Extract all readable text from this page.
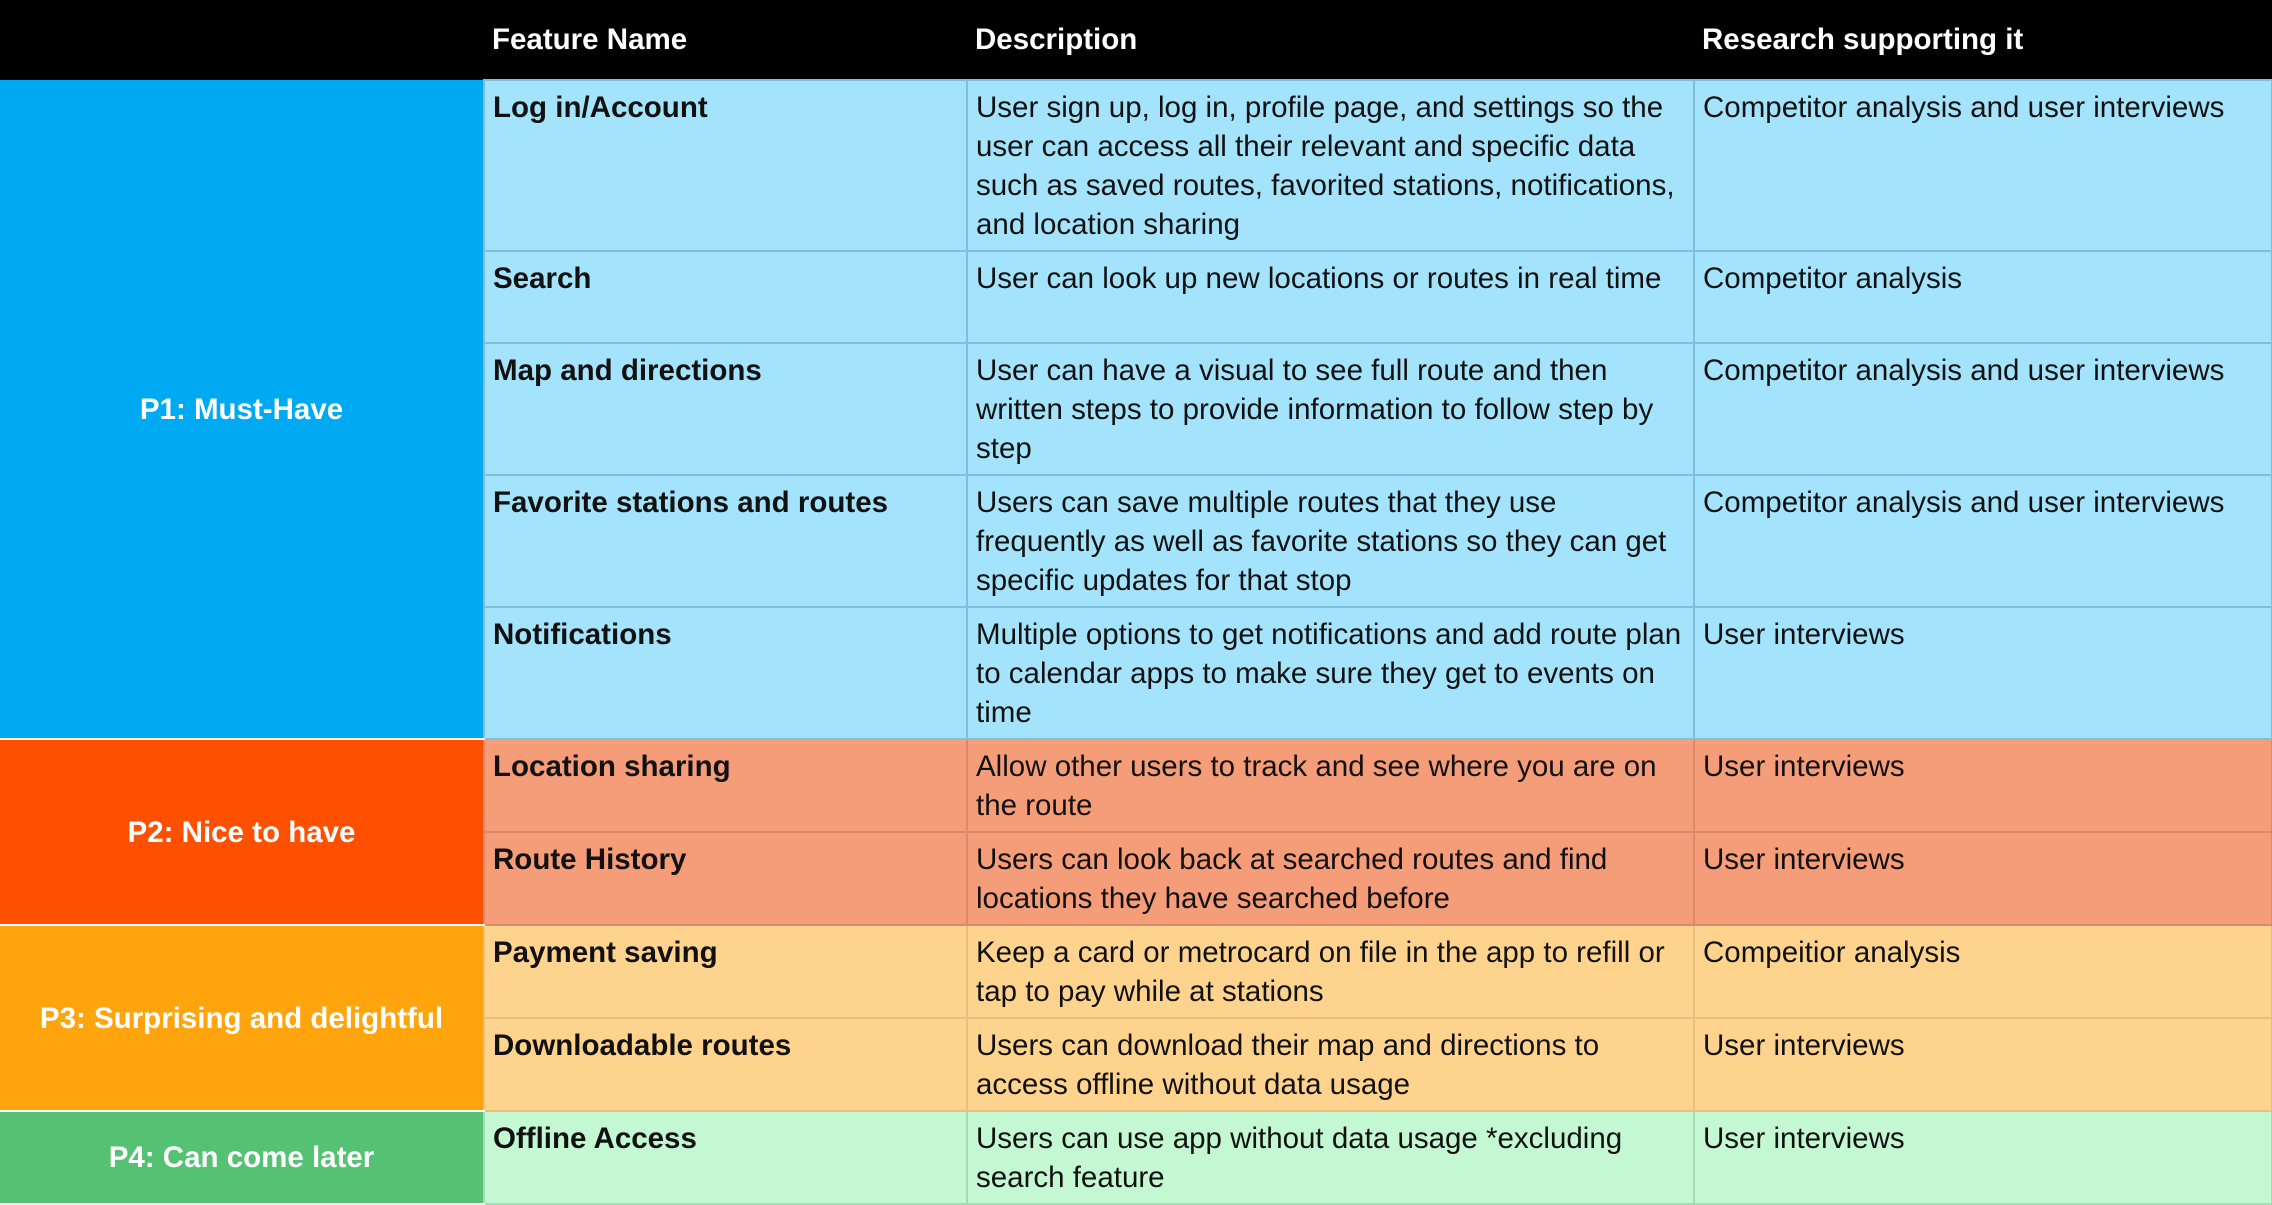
	Feature Name	Description	Research supporting it
P1: Must-Have	Log in/Account	User sign up, log in, profile page, and settings so the user can access all their relevant and specific data such as saved routes, favorited stations, notifications, and location sharing	Competitor analysis and user interviews
	Search	User can look up new locations or routes in real time	Competitor analysis
	Map and directions	User can have a visual to see full route and then written steps to provide information to follow step by step	Competitor analysis and user interviews
	Favorite stations and routes	Users can save multiple routes that they use frequently as well as favorite stations so they can get specific updates for that stop	Competitor analysis and user interviews
	Notifications	Multiple options to get notifications and add route plan to calendar apps to make sure they get to events on time	User interviews
P2: Nice to have	Location sharing	Allow other users to track and see where you are on the route	User interviews
	Route History	Users can look back at searched routes and find locations they have searched before	User interviews
P3: Surprising and delightful	Payment saving	Keep a card or metrocard on file in the app to refill or tap to pay while at stations	Compeitior analysis
	Downloadable routes	Users can download their map and directions to access offline without data usage	User interviews
P4: Can come later	Offline Access	Users can use app without data usage *excluding search feature	User interviews
